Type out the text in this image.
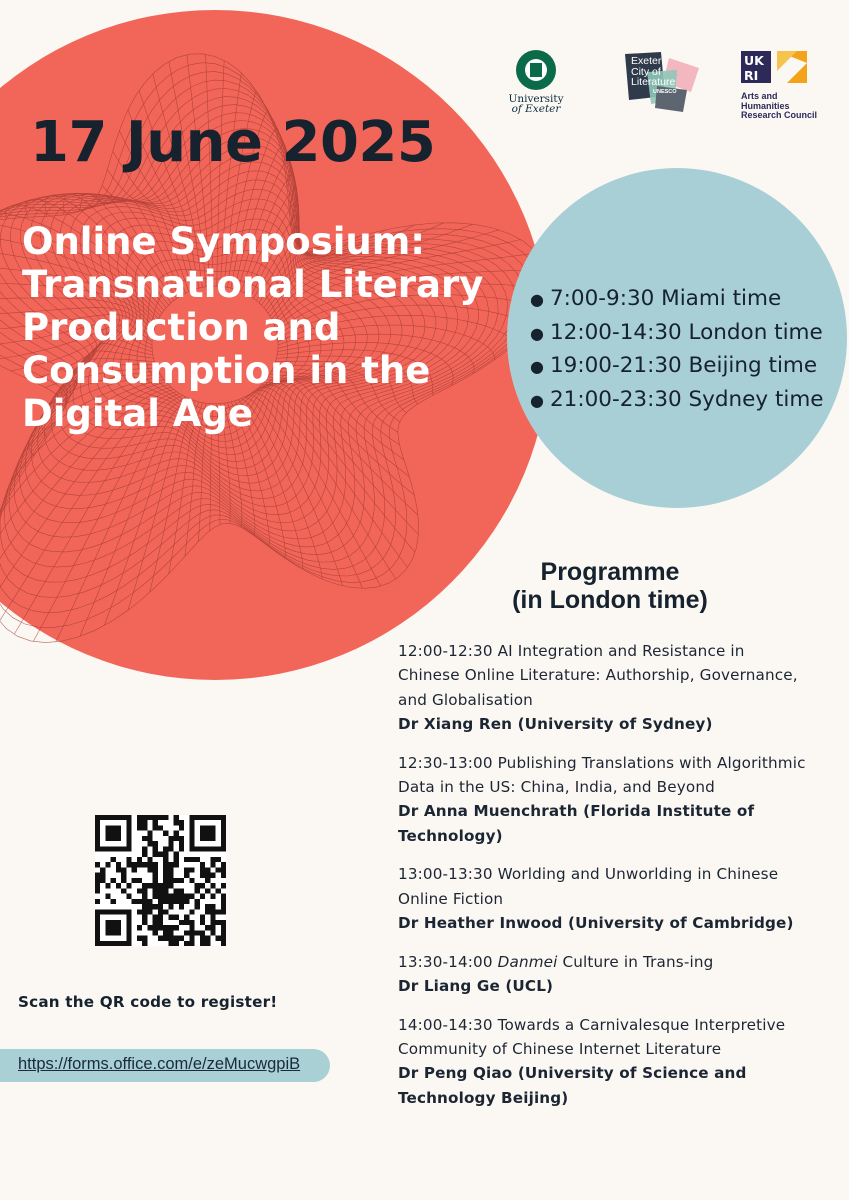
17 June 2025
Online Symposium: Transnational Literary Production and Consumption in the Digital Age
● 7:00-9:30 Miami time
● 12:00-14:30 London time
● 19:00-21:30 Beijing time
● 21:00-23:30 Sydney time
University
of Exeter
Exeter
City of
Literature
UNESCO
UK
RI
Arts and
Humanities
Research Council
Programme
(in London time)

12:00-12:30 AI Integration and Resistance in

Chinese Online Literature: Authorship, Governance,

and Globalisation

Dr Xiang Ren (University of Sydney)

12:30-13:00 Publishing Translations with Algorithmic

Data in the US: China, India, and Beyond

Dr Anna Muenchrath (Florida Institute of

Technology)

13:00-13:30 Worlding and Unworlding in Chinese

Online Fiction

Dr Heather Inwood (University of Cambridge)

13:30-14:00 Danmei Culture in Trans-ing

Dr Liang Ge (UCL)

14:00-14:30 Towards a Carnivalesque Interpretive

Community of Chinese Internet Literature

Dr Peng Qiao (University of Science and

Technology Beijing)

Scan the QR code to register!

https://forms.office.com/e/zeMucwgpiB
